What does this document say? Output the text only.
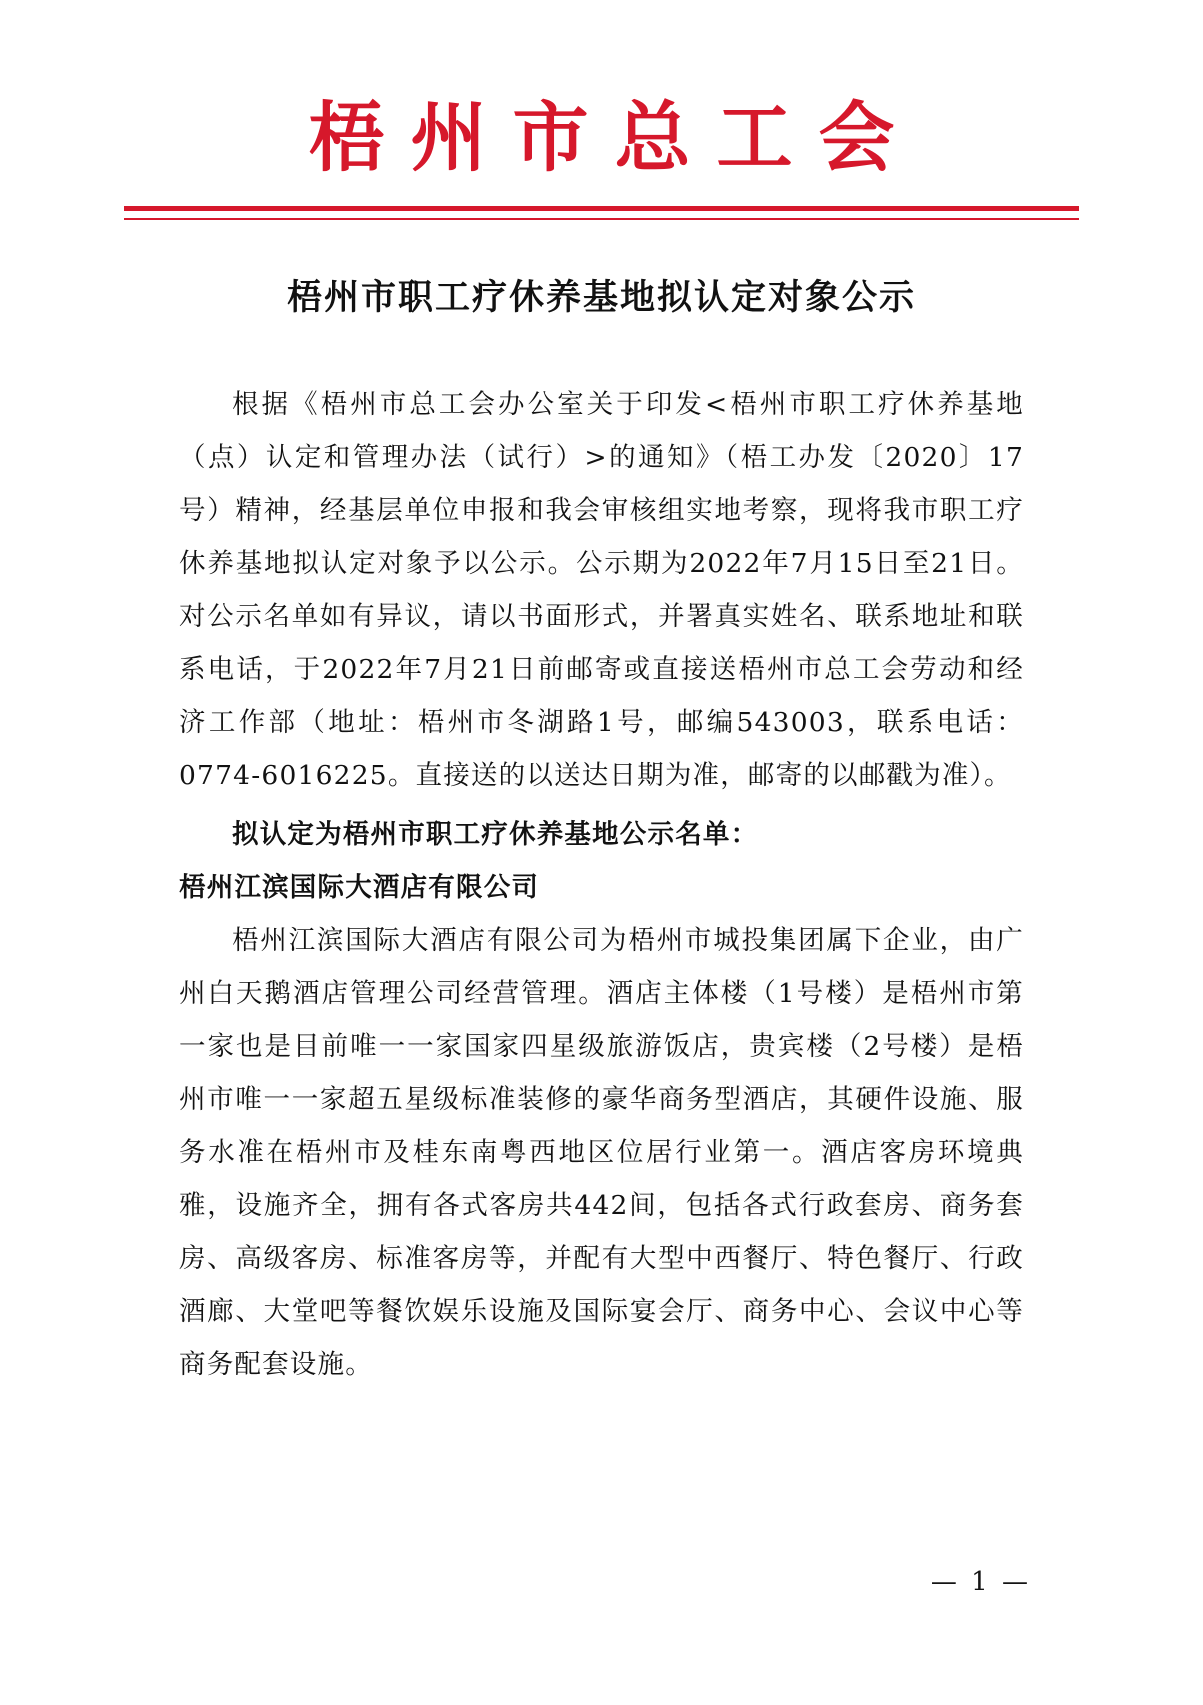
梧州市总工会
梧州市职工疗休养基地拟认定对象公示

根据《梧州市总工会办公室关于印发<梧州市职工疗休养基地（点）认定和管理办法（试行）>的通知》（梧工办发〔2020〕17号）精神，经基层单位申报和我会审核组实地考察，现将我市职工疗休养基地拟认定对象予以公示。公示期为2022年7月15日至21日。对公示名单如有异议，请以书面形式，并署真实姓名、联系地址和联系电话，于2022年7月21日前邮寄或直接送梧州市总工会劳动和经济工作部（地址：梧州市冬湖路1号，邮编543003，联系电话：0774-6016225。直接送的以送达日期为准，邮寄的以邮戳为准）。

拟认定为梧州市职工疗休养基地公示名单：

梧州江滨国际大酒店有限公司

梧州江滨国际大酒店有限公司为梧州市城投集团属下企业，由广州白天鹅酒店管理公司经营管理。酒店主体楼（1号楼）是梧州市第一家也是目前唯一一家国家四星级旅游饭店，贵宾楼（2号楼）是梧州市唯一一家超五星级标准装修的豪华商务型酒店，其硬件设施、服务水准在梧州市及桂东南粤西地区位居行业第一。酒店客房环境典雅，设施齐全，拥有各式客房共442间，包括各式行政套房、商务套房、高级客房、标准客房等，并配有大型中西餐厅、特色餐厅、行政酒廊、大堂吧等餐饮娱乐设施及国际宴会厅、商务中心、会议中心等商务配套设施。

— 1 —
